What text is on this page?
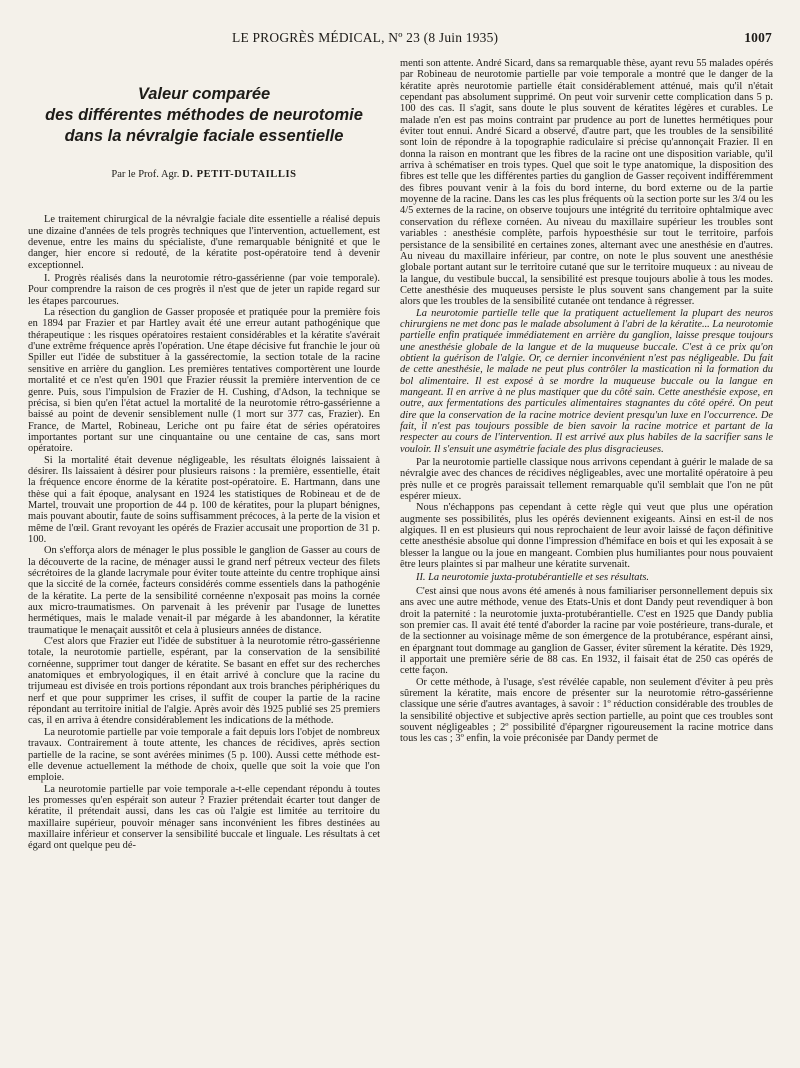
LE PROGRÈS MÉDICAL, Nº 23 (8 Juin 1935)	1007
Valeur comparée
des différentes méthodes de neurotomie
dans la névralgie faciale essentielle
Par le Prof. Agr. D. PETIT-DUTAILLIS

Le traitement chirurgical de la névralgie faciale dite essentielle a réalisé depuis une dizaine d'années de tels progrès techniques que l'intervention, actuellement, est devenue, entre les mains du spécialiste, d'une remarquable bénignité et que le danger, hier encore si redouté, de la kératite post-opératoire tend à devenir exceptionnel.

I. Progrès réalisés dans la neurotomie rétro-gassérienne (par voie temporale). Pour comprendre la raison de ces progrès il n'est que de jeter un rapide regard sur les étapes parcourues.

La résection du ganglion de Gasser proposée et pratiquée pour la première fois en 1894 par Frazier et par Hartley avait été une erreur autant pathogénique que thérapeutique : les risques opératoires restaient considérables et la kératite s'avérait d'une extrême fréquence après l'opération. Une étape décisive fut franchie le jour où Spiller eut l'idée de substituer à la gassérectomie, la section totale de la racine sensitive en arrière du ganglion. Les premières tentatives comportèrent une lourde mortalité et ce n'est qu'en 1901 que Frazier réussit la première intervention de ce genre. Puis, sous l'impulsion de Frazier de H. Cushing, d'Adson, la technique se précisa, si bien qu'en l'état actuel la mortalité de la neurotomie rétro-gassérienne a baissé au point de devenir sensiblement nulle (1 mort sur 377 cas, Frazier). En France, de Martel, Robineau, Leriche ont pu faire état de séries opératoires importantes portant sur une cinquantaine ou une centaine de cas, sans mort opératoire.

Si la mortalité était devenue négligeable, les résultats éloignés laissaient à désirer. Ils laissaient à désirer pour plusieurs raisons : la première, essentielle, était la fréquence encore énorme de la kératite post-opératoire. E. Hartmann, dans une thèse qui a fait époque, analysant en 1924 les statistiques de Robineau et de de Martel, trouvait une proportion de 44 p. 100 de kératites, pour la plupart bénignes, mais pouvant aboutir, faute de soins suffisamment précoces, à la perte de la vision et même de l'œil. Grant revoyant les opérés de Frazier accusait une proportion de 31 p. 100.

On s'efforça alors de ménager le plus possible le ganglion de Gasser au cours de la découverte de la racine, de ménager aussi le grand nerf pétreux vecteur des filets sécrétoires de la glande lacrymale pour éviter toute atteinte du centre trophique ainsi que la siccité de la cornée, facteurs considérés comme essentiels dans la pathogénie de la kératite. La perte de la sensibilité cornéenne n'exposait pas moins la cornée aux micro-traumatismes. On parvenait à les prévenir par l'usage de lunettes hermétiques, mais le malade venait-il par mégarde à les abandonner, la kératite traumatique le menaçait aussitôt et cela à plusieurs années de distance.

C'est alors que Frazier eut l'idée de substituer à la neurotomie rétro-gassérienne totale, la neurotomie partielle, espérant, par la conservation de la sensibilité cornéenne, supprimer tout danger de kératite. Se basant en effet sur des recherches anatomiques et embryologiques, il en était arrivé à conclure que la racine du trijumeau est divisée en trois portions répondant aux trois branches périphériques du nerf et que pour supprimer les crises, il suffit de couper la partie de la racine répondant au territoire initial de l'algie. Après avoir dès 1925 publié ses 25 premiers cas, il en arriva à étendre considérablement les indications de la méthode.

La neurotomie partielle par voie temporale a fait depuis lors l'objet de nombreux travaux. Contrairement à toute attente, les chances de récidives, après section partielle de la racine, se sont avérées minimes (5 p. 100). Aussi cette méthode est-elle devenue actuellement la méthode de choix, quelle que soit la voie que l'on emploie.

La neurotomie partielle par voie temporale a-t-elle cependant répondu à toutes les promesses qu'en espérait son auteur ? Frazier prétendait écarter tout danger de kératite, il prétendait aussi, dans les cas où l'algie est limitée au territoire du maxillaire supérieur, pouvoir ménager sans inconvénient les fibres destinées au maxillaire inférieur et conserver la sensibilité buccale et linguale. Les résultats à cet égard ont quelque peu dé-

menti son attente. André Sicard, dans sa remarquable thèse, ayant revu 55 malades opérés par Robineau de neurotomie partielle par voie temporale a montré que le danger de la kératite après neurotomie partielle était considérablement atténué, mais qu'il n'était cependant pas absolument supprimé. On peut voir survenir cette complication dans 5 p. 100 des cas. Il s'agit, sans doute le plus souvent de kératites légères et curables. Le malade n'en est pas moins contraint par prudence au port de lunettes hermétiques pour éviter tout ennui. André Sicard a observé, d'autre part, que les troubles de la sensibilité sont loin de répondre à la topographie radiculaire si précise qu'annonçait Frazier. Il en donna la raison en montrant que les fibres de la racine ont une disposition variable, qu'il arriva à schématiser en trois types. Quel que soit le type anatomique, la disposition des fibres est telle que les différentes parties du ganglion de Gasser reçoivent indifféremment des fibres pouvant venir à la fois du bord interne, du bord externe ou de la partie moyenne de la racine. Dans les cas les plus fréquents où la section porte sur les 3/4 ou les 4/5 externes de la racine, on observe toujours une intégrité du territoire ophtalmique avec conservation du réflexe cornéen. Au niveau du maxillaire supérieur les troubles sont variables : anesthésie complète, parfois hypoesthésie sur tout le territoire, parfois persistance de la sensibilité en certaines zones, alternant avec une anesthésie en d'autres. Au niveau du maxillaire inférieur, par contre, on note le plus souvent une anesthésie globale portant autant sur le territoire cutané que sur le territoire muqueux : au niveau de la langue, du vestibule buccal, la sensibilité est presque toujours abolie à tous les modes. Cette anesthésie des muqueuses persiste le plus souvent sans changement par la suite alors que les troubles de la sensibilité cutanée ont tendance à régresser.

La neurotomie partielle telle que la pratiquent actuellement la plupart des neuros chirurgiens ne met donc pas le malade absolument à l'abri de la kératite... La neurotomie partielle enfin pratiquée immédiatement en arrière du ganglion, laisse presque toujours une anesthésie globale de la langue et de la muqueuse buccale. C'est à ce prix qu'on obtient la guérison de l'algie. Or, ce dernier inconvénient n'est pas négligeable. Du fait de cette anesthésie, le malade ne peut plus contrôler la mastication ni la formation du bol alimentaire. Il est exposé à se mordre la muqueuse buccale ou la langue en mangeant. Il en arrive à ne plus mastiquer que du côté sain. Cette anesthésie expose, en outre, aux fermentations des particules alimentaires stagnantes du côté opéré. On peut dire que la conservation de la racine motrice devient presqu'un luxe en l'occurrence. De fait, il n'est pas toujours possible de bien savoir la racine motrice et partant de la respecter au cours de l'intervention. Il est arrivé aux plus habiles de la sacrifier sans le vouloir. Il s'ensuit une asymétrie faciale des plus disgracieuses.

Par la neurotomie partielle classique nous arrivons cependant à guérir le malade de sa névralgie avec des chances de récidives négligeables, avec une mortalité opératoire à peu près nulle et ce progrès paraissait tellement remarquable qu'il semblait que l'on ne pût espérer mieux.

Nous n'échappons pas cependant à cette règle qui veut que plus une opération augmente ses possibilités, plus les opérés deviennent exigeants. Ainsi en est-il de nos algiques. Il en est plusieurs qui nous reprochaient de leur avoir laissé de façon définitive cette anesthésie absolue qui donne l'impression d'hémiface en bois et qui les exposait à se blesser la langue ou la joue en mangeant. Combien plus humiliantes pour nous pouvaient être leurs plaintes si par malheur une kératite survenait.

II. La neurotomie juxta-protubérantielle et ses résultats.

C'est ainsi que nous avons été amenés à nous familiariser personnellement depuis six ans avec une autre méthode, venue des Etats-Unis et dont Dandy peut revendiquer à bon droit la paternité : la neurotomie juxta-protubérantielle. C'est en 1925 que Dandy publia son premier cas. Il avait été tenté d'aborder la racine par voie postérieure, trans-durale, et de la sectionner au voisinage même de son émergence de la protubérance, espérant ainsi, en épargnant tout dommage au ganglion de Gasser, éviter sûrement la kératite. Dès 1929, il apportait une première série de 88 cas. En 1932, il faisait état de 250 cas opérés de cette façon.

Or cette méthode, à l'usage, s'est révélée capable, non seulement d'éviter à peu près sûrement la kératite, mais encore de présenter sur la neurotomie rétro-gassérienne classique une série d'autres avantages, à savoir : 1º réduction considérable des troubles de la sensibilité objective et subjective après section partielle, au point que ces troubles sont souvent négligeables ; 2º possibilité d'épargner rigoureusement la racine motrice dans tous les cas ; 3º enfin, la voie préconisée par Dandy permet de
